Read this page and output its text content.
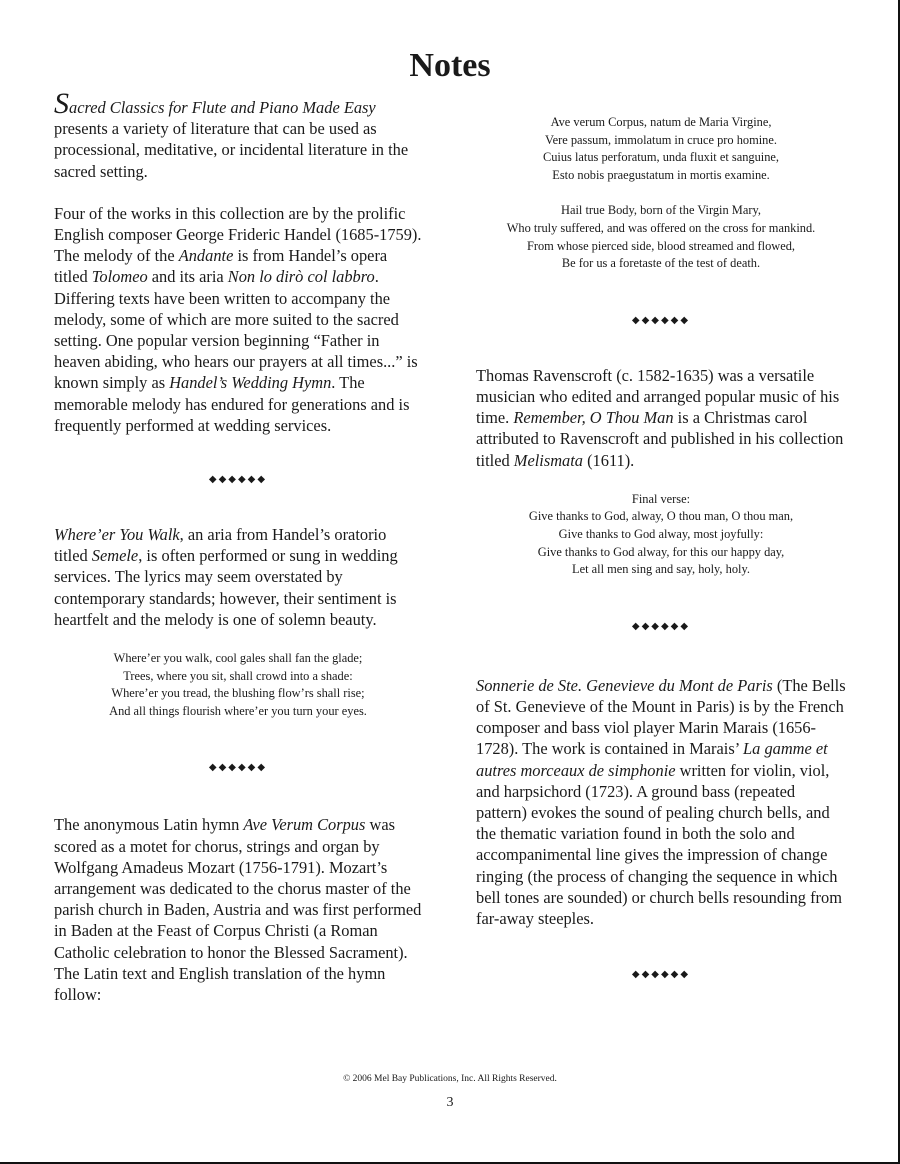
Notes

Sacred Classics for Flute and Piano Made Easy
presents a variety of literature that can be used as processional, meditative, or incidental literature in the sacred setting.

Four of the works in this collection are by the prolific English composer George Frideric Handel (1685-1759). The melody of the Andante is from Handel’s opera titled Tolomeo and its aria Non lo dirò col labbro. Differing texts have been written to accompany the melody, some of which are more suited to the sacred setting. One popular version beginning “Father in heaven abiding, who hears our prayers at all times...” is known simply as Handel’s Wedding Hymn. The memorable melody has endured for generations and is frequently performed at wedding services.

◆◆◆◆◆◆

Where’er You Walk, an aria from Handel’s oratorio titled Semele, is often performed or sung in wedding services. The lyrics may seem overstated by contemporary standards; however, their sentiment is heartfelt and the melody is one of solemn beauty.

Where’er you walk, cool gales shall fan the glade;
Trees, where you sit, shall crowd into a shade:
Where’er you tread, the blushing flow’rs shall rise;
And all things flourish where’er you turn your eyes.

◆◆◆◆◆◆

The anonymous Latin hymn Ave Verum Corpus was scored as a motet for chorus, strings and organ by Wolfgang Amadeus Mozart (1756-1791). Mozart’s arrangement was dedicated to the chorus master of the parish church in Baden, Austria and was first performed in Baden at the Feast of Corpus Christi (a Roman Catholic celebration to honor the Blessed Sacrament). The Latin text and English translation of the hymn follow:

Ave verum Corpus, natum de Maria Virgine,
Vere passum, immolatum in cruce pro homine.
Cuius latus perforatum, unda fluxit et sanguine,
Esto nobis praegustatum in mortis examine.
Hail true Body, born of the Virgin Mary,
Who truly suffered, and was offered on the cross for mankind.
From whose pierced side, blood streamed and flowed,
Be for us a foretaste of the test of death.

◆◆◆◆◆◆

Thomas Ravenscroft (c. 1582-1635) was a versatile musician who edited and arranged popular music of his time. Remember, O Thou Man is a Christmas carol attributed to Ravenscroft and published in his collection titled Melismata (1611).

Final verse:
Give thanks to God, alway, O thou man, O thou man,
Give thanks to God alway, most joyfully:
Give thanks to God alway, for this our happy day,
Let all men sing and say, holy, holy.

◆◆◆◆◆◆

Sonnerie de Ste. Genevieve du Mont de Paris (The Bells of St. Genevieve of the Mount in Paris) is by the French composer and bass viol player Marin Marais (1656-1728). The work is contained in Marais’ La gamme et autres morceaux de simphonie written for violin, viol, and harpsichord (1723). A ground bass (repeated pattern) evokes the sound of pealing church bells, and the thematic variation found in both the solo and accompanimental line gives the impression of change ringing (the process of changing the sequence in which bell tones are sounded) or church bells resounding from far-away steeples.

◆◆◆◆◆◆

© 2006 Mel Bay Publications, Inc. All Rights Reserved.
3
